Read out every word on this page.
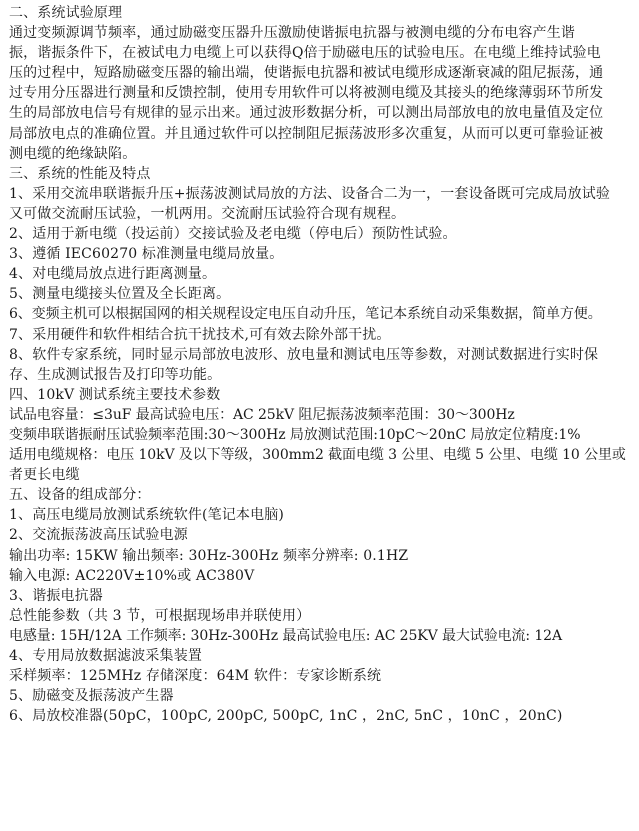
二、系统试验原理
通过变频源调节频率，通过励磁变压器升压激励使谐振电抗器与被测电缆的分布电容产生谐
振，谐振条件下，在被试电力电缆上可以获得Q倍于励磁电压的试验电压。在电缆上维持试验电
压的过程中，短路励磁变压器的输出端，使谐振电抗器和被试电缆形成逐渐衰减的阻尼振荡，通
过专用分压器进行测量和反馈控制，使用专用软件可以将被测电缆及其接头的绝缘薄弱环节所发
生的局部放电信号有规律的显示出来。通过波形数据分析，可以测出局部放电的放电量值及定位
局部放电点的准确位置。并且通过软件可以控制阻尼振荡波形多次重复，从而可以更可靠验证被
测电缆的绝缘缺陷。
三、系统的性能及特点
1、采用交流串联谐振升压+振荡波测试局放的方法、设备合二为一，一套设备既可完成局放试验
又可做交流耐压试验，一机两用。交流耐压试验符合现有规程。
2、适用于新电缆（投运前）交接试验及老电缆（停电后）预防性试验。
3、遵循 IEC60270 标准测量电缆局放量。
4、对电缆局放点进行距离测量。
5、测量电缆接头位置及全长距离。
6、变频主机可以根据国网的相关规程设定电压自动升压，笔记本系统自动采集数据，简单方便。
7、采用硬件和软件相结合抗干扰技术,可有效去除外部干扰。
8、软件专家系统，同时显示局部放电波形、放电量和测试电压等参数，对测试数据进行实时保
存、生成测试报告及打印等功能。
四、10kV 测试系统主要技术参数
试品电容量：≤3uF 最高试验电压：AC 25kV 阻尼振荡波频率范围：30～300Hz
变频串联谐振耐压试验频率范围:30～300Hz 局放测试范围:10pC～20nC 局放定位精度:1%
适用电缆规格：电压 10kV 及以下等级，300mm2 截面电缆 3 公里、电缆 5 公里、电缆 10 公里或
者更长电缆
五、设备的组成部分：
1、高压电缆局放测试系统软件(笔记本电脑)
2、交流振荡波高压试验电源
输出功率: 15KW 输出频率: 30Hz-300Hz 频率分辨率: 0.1HZ
输入电源: AC220V±10%或 AC380V
3、谐振电抗器
总性能参数（共 3 节，可根据现场串并联使用）
电感量: 15H/12A 工作频率: 30Hz-300Hz 最高试验电压: AC 25KV 最大试验电流: 12A
4、专用局放数据滤波采集装置
采样频率：125MHz 存储深度：64M 软件：专家诊断系统
5、励磁变及振荡波产生器
6、局放校准器(50pC，100pC, 200pC, 500pC, 1nC ，2nC, 5nC ，10nC ，20nC)
